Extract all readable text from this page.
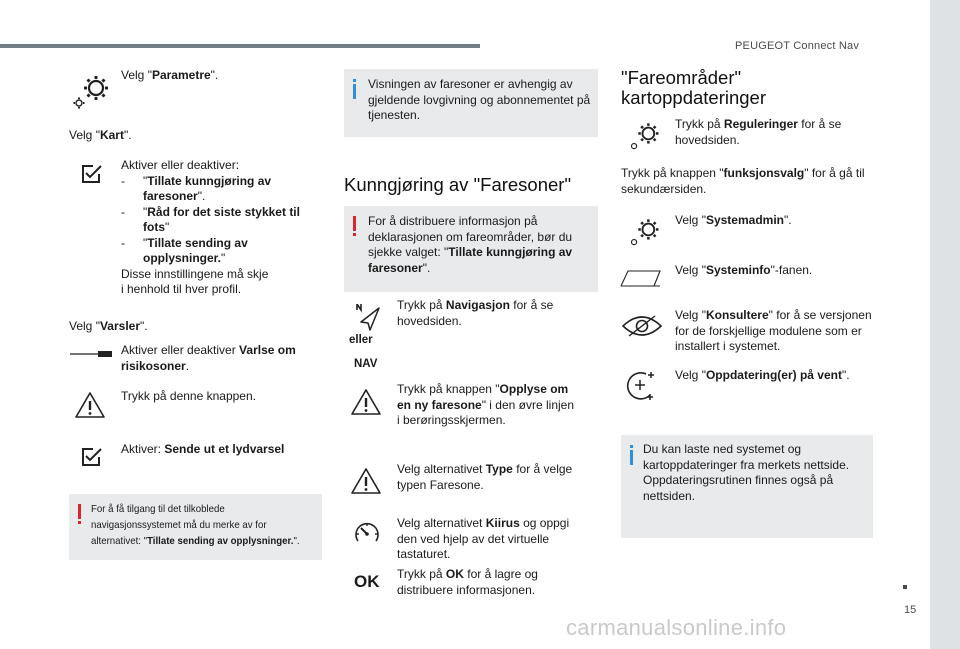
PEUGEOT Connect Nav
15
carmanualsonline.info
Velg "Parametre".
Velg "Kart".
Aktiver eller deaktiver:
-	"Tillate kunngjøring av faresoner".
-	"Råd for det siste stykket til fots"
-	"Tillate sending av opplysninger."
Disse innstillingene må skje
i henhold til hver profil.
Velg "Varsler".
Aktiver eller deaktiver Varlse om risikosoner.
Trykk på denne knappen.
Aktiver: Sende ut et lydvarsel
For å få tilgang til det tilkoblede
navigasjonssystemet må du merke av for
alternativet: "Tillate sending av opplysninger.".
Visningen av faresoner er avhengig av
gjeldende lovgivning og abonnementet på
tjenesten.
Kunngjøring av "Faresoner"
For å distribuere informasjon på
deklarasjonen om fareområder, bør du
sjekke valget: "Tillate kunngjøring av
faresoner".
eller
NAV
Trykk på Navigasjon for å se
hovedsiden.
Trykk på knappen "Opplyse om
en ny faresone" i den øvre linjen
i berøringsskjermen.
Velg alternativet Type for å velge
typen Faresone.
Velg alternativet Kiirus og oppgi
den ved hjelp av det virtuelle
tastaturet.
OK Trykk på OK for å lagre og
distribuere informasjonen.
"Fareområder"
kartoppdateringer
Trykk på Reguleringer for å se
hovedsiden.
Trykk på knappen "funksjonsvalg" for å gå til
sekundærsiden.
Velg "Systemadmin".
Velg "Systeminfo"-fanen.
Velg "Konsultere" for å se versjonen
for de forskjellige modulene som er
installert i systemet.
Velg "Oppdatering(er) på vent".
Du kan laste ned systemet og
kartoppdateringer fra merkets nettside.
Oppdateringsrutinen finnes også på
nettsiden.
